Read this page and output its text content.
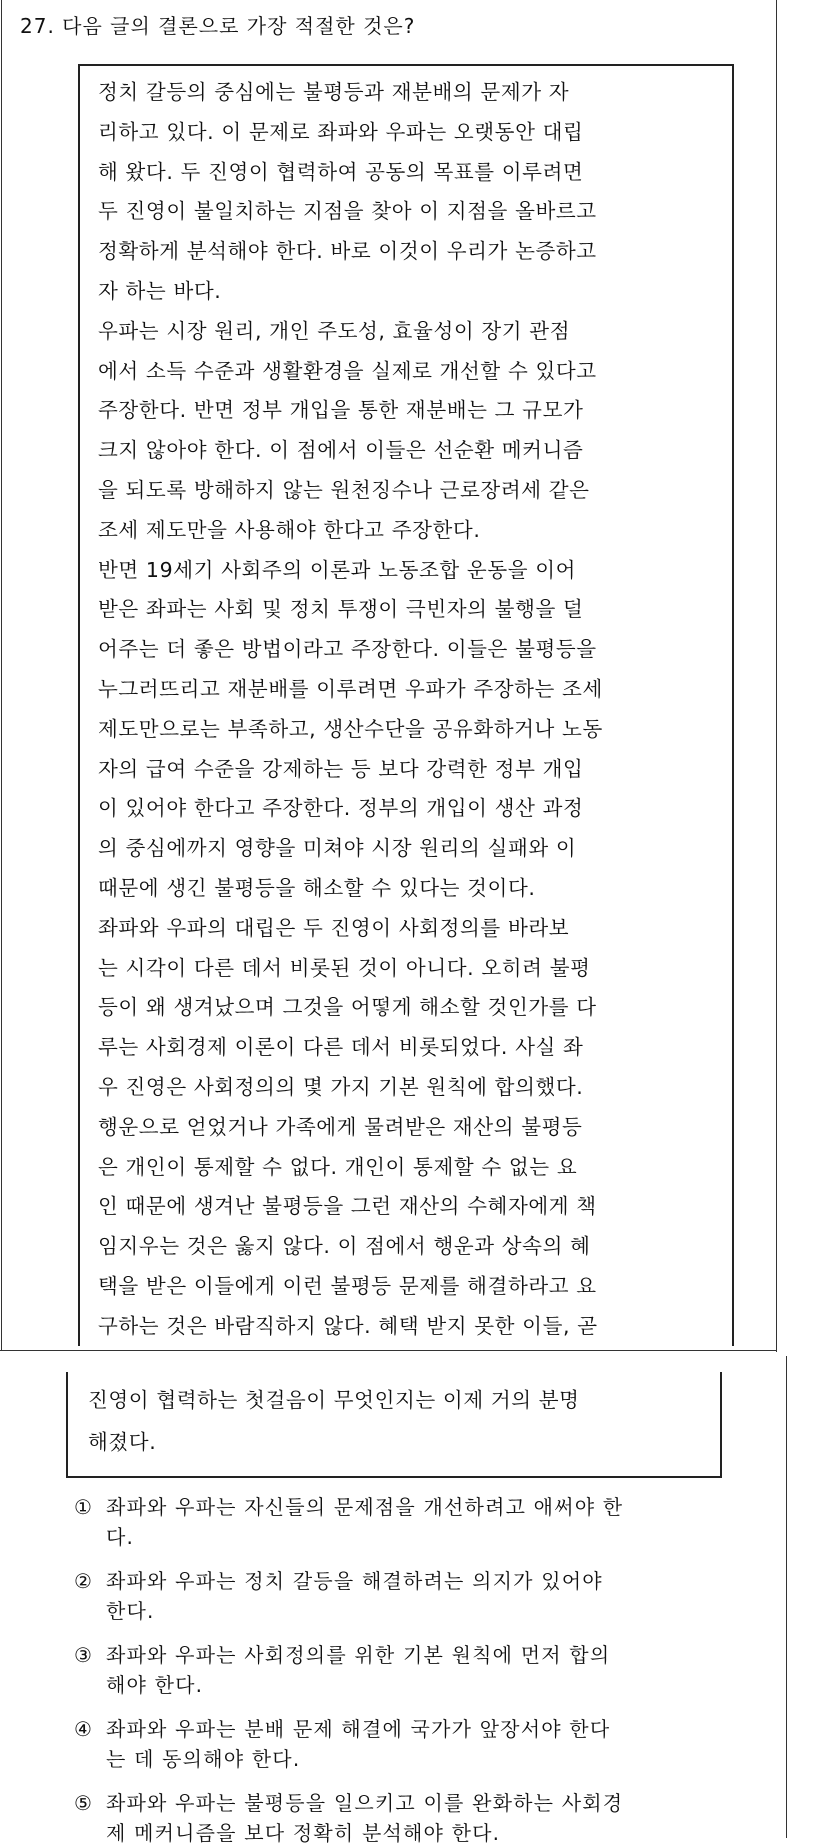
27. 다음 글의 결론으로 가장 적절한 것은?
정치 갈등의 중심에는 불평등과 재분배의 문제가 자
리하고 있다. 이 문제로 좌파와 우파는 오랫동안 대립
해 왔다. 두 진영이 협력하여 공동의 목표를 이루려면
두 진영이 불일치하는 지점을 찾아 이 지점을 올바르고
정확하게 분석해야 한다. 바로 이것이 우리가 논증하고
자 하는 바다.
우파는 시장 원리, 개인 주도성, 효율성이 장기 관점
에서 소득 수준과 생활환경을 실제로 개선할 수 있다고
주장한다. 반면 정부 개입을 통한 재분배는 그 규모가
크지 않아야 한다. 이 점에서 이들은 선순환 메커니즘
을 되도록 방해하지 않는 원천징수나 근로장려세 같은
조세 제도만을 사용해야 한다고 주장한다.
반면 19세기 사회주의 이론과 노동조합 운동을 이어
받은 좌파는 사회 및 정치 투쟁이 극빈자의 불행을 덜
어주는 더 좋은 방법이라고 주장한다. 이들은 불평등을
누그러뜨리고 재분배를 이루려면 우파가 주장하는 조세
제도만으로는 부족하고, 생산수단을 공유화하거나 노동
자의 급여 수준을 강제하는 등 보다 강력한 정부 개입
이 있어야 한다고 주장한다. 정부의 개입이 생산 과정
의 중심에까지 영향을 미쳐야 시장 원리의 실패와 이
때문에 생긴 불평등을 해소할 수 있다는 것이다.
좌파와 우파의 대립은 두 진영이 사회정의를 바라보
는 시각이 다른 데서 비롯된 것이 아니다. 오히려 불평
등이 왜 생겨났으며 그것을 어떻게 해소할 것인가를 다
루는 사회경제 이론이 다른 데서 비롯되었다. 사실 좌
우 진영은 사회정의의 몇 가지 기본 원칙에 합의했다.
행운으로 얻었거나 가족에게 물려받은 재산의 불평등
은 개인이 통제할 수 없다. 개인이 통제할 수 없는 요
인 때문에 생겨난 불평등을 그런 재산의 수혜자에게 책
임지우는 것은 옳지 않다. 이 점에서 행운과 상속의 혜
택을 받은 이들에게 이런 불평등 문제를 해결하라고 요
구하는 것은 바람직하지 않다. 혜택 받지 못한 이들, 곧
진영이 협력하는 첫걸음이 무엇인지는 이제 거의 분명
해졌다.
① 좌파와 우파는 자신들의 문제점을 개선하려고 애써야 한
다.
② 좌파와 우파는 정치 갈등을 해결하려는 의지가 있어야
한다.
③ 좌파와 우파는 사회정의를 위한 기본 원칙에 먼저 합의
해야 한다.
④ 좌파와 우파는 분배 문제 해결에 국가가 앞장서야 한다
는 데 동의해야 한다.
⑤ 좌파와 우파는 불평등을 일으키고 이를 완화하는 사회경
제 메커니즘을 보다 정확히 분석해야 한다.
